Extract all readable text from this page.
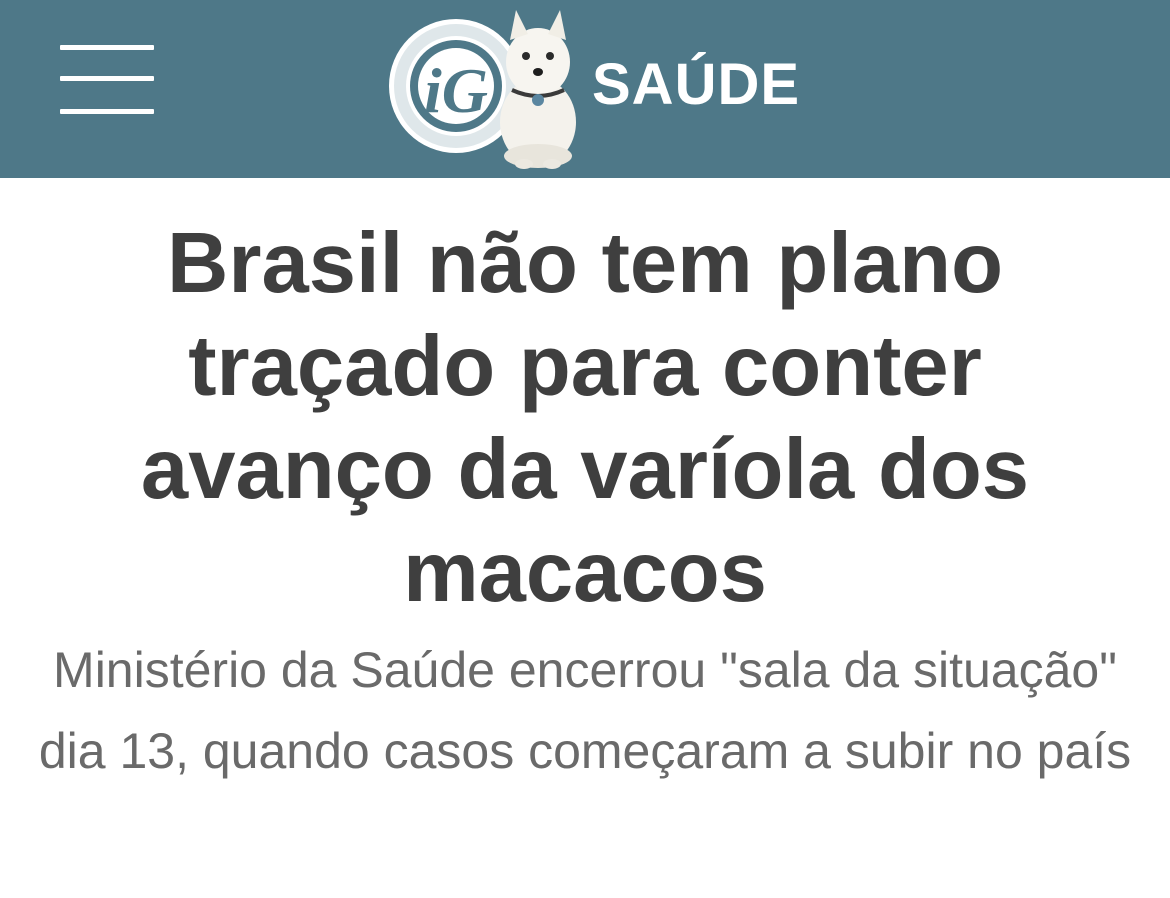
iG SAÚDE
Brasil não tem plano traçado para conter avanço da varíola dos macacos

Ministério da Saúde encerrou "sala da situação" dia 13, quando casos começaram a subir no país
